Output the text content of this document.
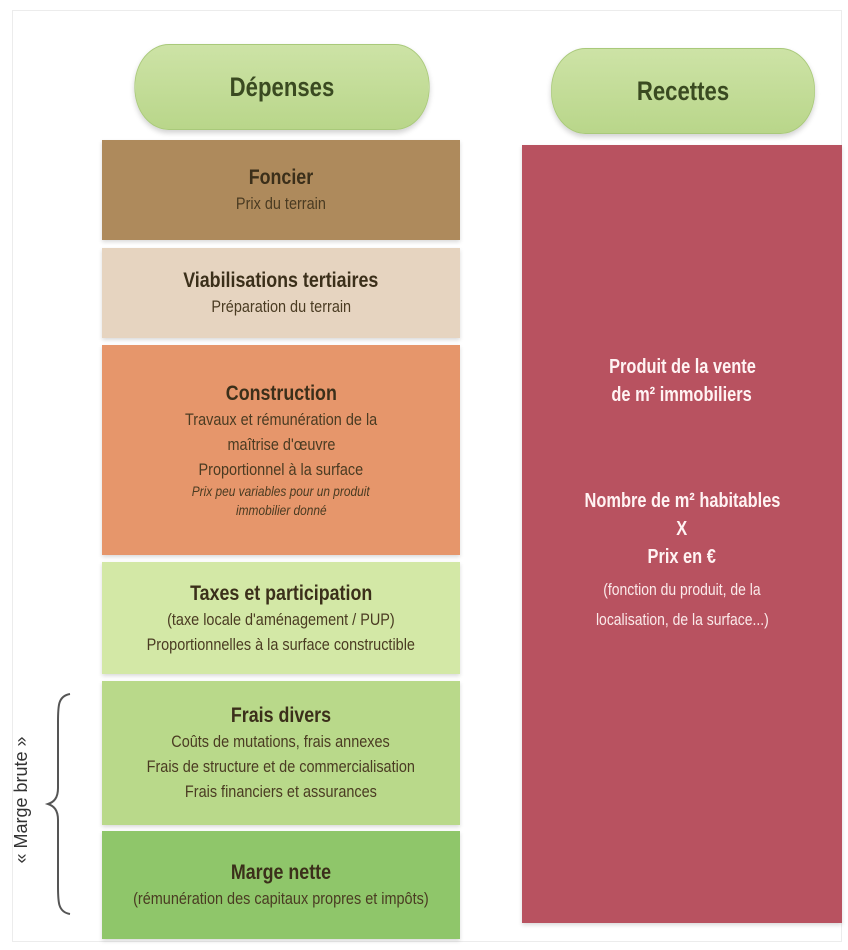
Dépenses	Recettes
Foncier
Prix du terrain
Viabilisations tertiaires
Préparation du terrain
Construction
Travaux et rémunération de la
maîtrise d'œuvre
Proportionnel à la surface
Prix peu variables pour un produit
immobilier donné
Taxes et participation
(taxe locale d'aménagement / PUP)
Proportionnelles à la surface constructible
Frais divers
Coûts de mutations, frais annexes
Frais de structure et de commercialisation
Frais financiers et assurances
Marge nette
(rémunération des capitaux propres et impôts)
Produit de la vente
de m² immobiliers
Nombre de m² habitables
X
Prix en €
(fonction du produit, de la
localisation, de la surface...)
« Marge brute »
